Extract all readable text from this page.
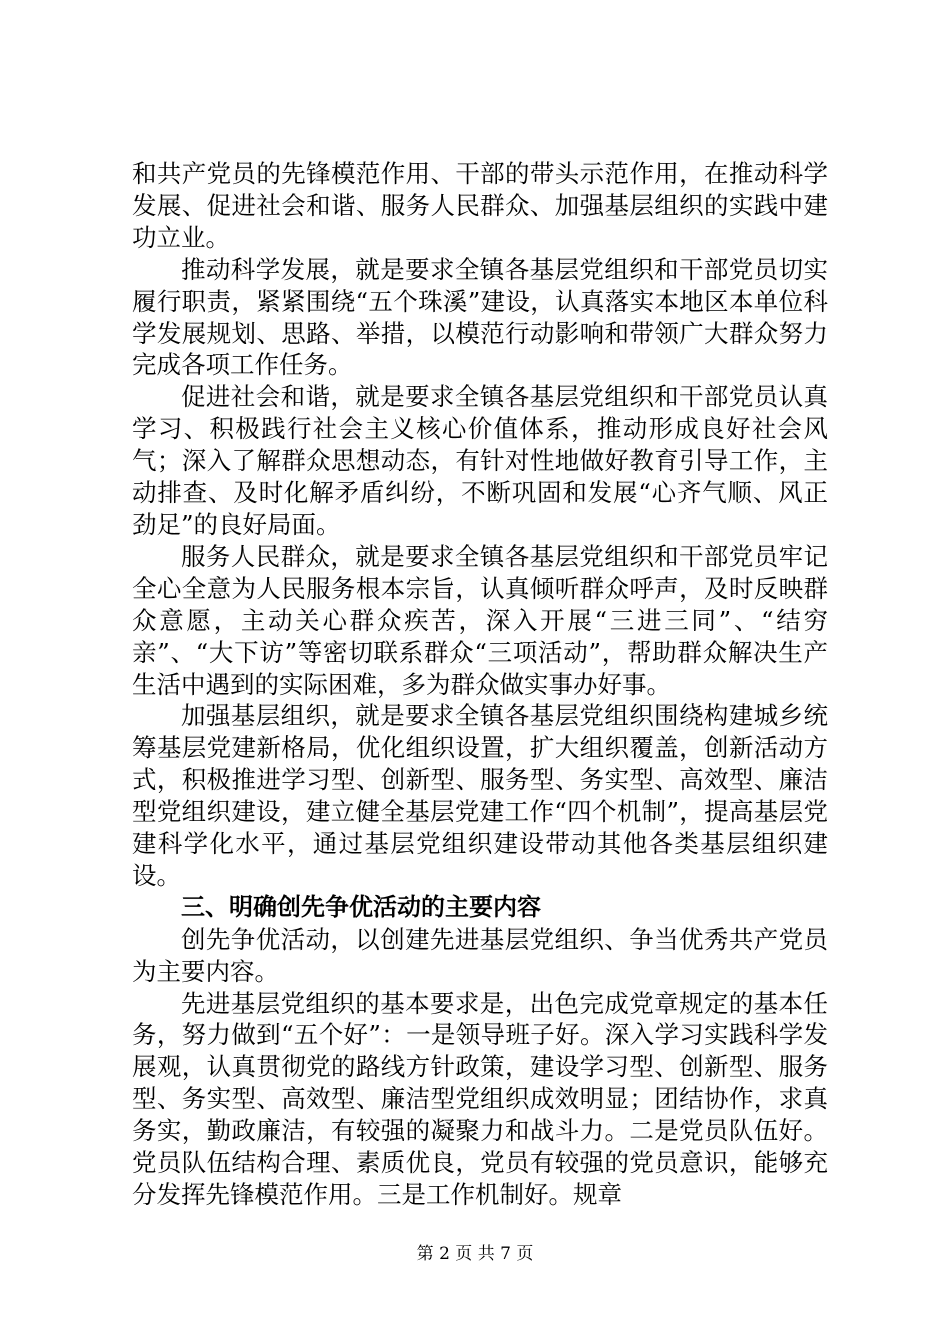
和共产党员的先锋模范作用、干部的带头示范作用，在推动科学发展、促进社会和谐、服务人民群众、加强基层组织的实践中建功立业。

推动科学发展，就是要求全镇各基层党组织和干部党员切实履行职责，紧紧围绕“五个珠溪”建设，认真落实本地区本单位科学发展规划、思路、举措，以模范行动影响和带领广大群众努力完成各项工作任务。

促进社会和谐，就是要求全镇各基层党组织和干部党员认真学习、积极践行社会主义核心价值体系，推动形成良好社会风气；深入了解群众思想动态，有针对性地做好教育引导工作，主动排查、及时化解矛盾纠纷，不断巩固和发展“心齐气顺、风正劲足”的良好局面。

服务人民群众，就是要求全镇各基层党组织和干部党员牢记全心全意为人民服务根本宗旨，认真倾听群众呼声，及时反映群众意愿，主动关心群众疾苦，深入开展“三进三同”、“结穷亲”、“大下访”等密切联系群众“三项活动”，帮助群众解决生产生活中遇到的实际困难，多为群众做实事办好事。

加强基层组织，就是要求全镇各基层党组织围绕构建城乡统筹基层党建新格局，优化组织设置，扩大组织覆盖，创新活动方式，积极推进学习型、创新型、服务型、务实型、高效型、廉洁型党组织建设，建立健全基层党建工作“四个机制”，提高基层党建科学化水平，通过基层党组织建设带动其他各类基层组织建设。

三、明确创先争优活动的主要内容

创先争优活动，以创建先进基层党组织、争当优秀共产党员为主要内容。

先进基层党组织的基本要求是，出色完成党章规定的基本任务，努力做到“五个好”：一是领导班子好。深入学习实践科学发展观，认真贯彻党的路线方针政策，建设学习型、创新型、服务型、务实型、高效型、廉洁型党组织成效明显；团结协作，求真务实，勤政廉洁，有较强的凝聚力和战斗力。二是党员队伍好。党员队伍结构合理、素质优良，党员有较强的党员意识，能够充分发挥先锋模范作用。三是工作机制好。规章

第 2 页 共 7 页
